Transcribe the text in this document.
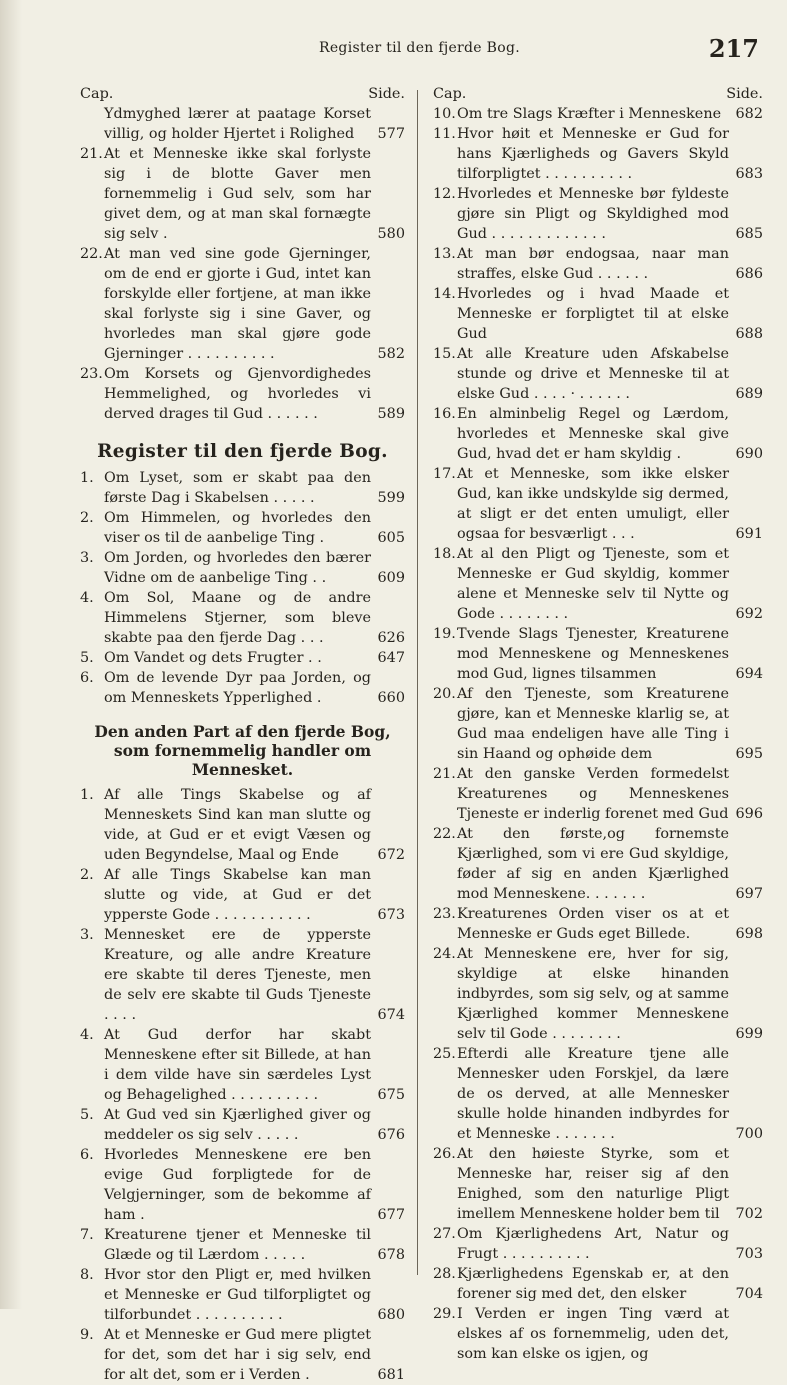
Register til den fjerde Bog.	217
Cap.	Side.
Ydmyghed lærer at paatage Korset villig, og holder Hjertet i Rolighed	577
21. At et Menneske ikke skal forlyste sig i de blotte Gaver men fornemmelig i Gud selv, som har givet dem, og at man skal fornægte sig selv .	580
22. At man ved sine gode Gjerninger, om de end er gjorte i Gud, intet kan forskylde eller fortjene, at man ikke skal forlyste sig i sine Gaver, og hvorledes man skal gjøre gode Gjerninger . . . . . . . . . .	582
23. Om Korsets og Gjenvordighedes Hemmelighed, og hvorledes vi derved drages til Gud . . . . . .	589
Register til den fjerde Bog.
1. Om Lyset, som er skabt paa den første Dag i Skabelsen . . . . .	599
2. Om Himmelen, og hvorledes den viser os til de aanbelige Ting .	605
3. Om Jorden, og hvorledes den bærer Vidne om de aanbelige Ting . .	609
4. Om Sol, Maane og de andre Himmelens Stjerner, som bleve skabte paa den fjerde Dag . . .	626
5. Om Vandet og dets Frugter . .	647
6. Om de levende Dyr paa Jorden, og om Menneskets Ypperlighed .	660
Den anden Part af den fjerde Bog, som fornemmelig handler om Mennesket.
1. Af alle Tings Skabelse og af Menneskets Sind kan man slutte og vide, at Gud er et evigt Væsen og uden Begyndelse, Maal og Ende	672
2. Af alle Tings Skabelse kan man slutte og vide, at Gud er det ypperste Gode . . . . . . . . . . .	673
3. Mennesket ere de ypperste Kreature, og alle andre Kreature ere skabte til deres Tjeneste, men de selv ere skabte til Guds Tjeneste . . . .	674
4. At Gud derfor har skabt Menneskene efter sit Billede, at han i dem vilde have sin særdeles Lyst og Behagelighed . . . . . . . . . .	675
5. At Gud ved sin Kjærlighed giver og meddeler os sig selv . . . . .	676
6. Hvorledes Menneskene ere ben evige Gud forpligtede for de Velgjerninger, som de bekomme af ham .	677
7. Kreaturene tjener et Menneske til Glæde og til Lærdom . . . . .	678
8. Hvor stor den Pligt er, med hvilken et Menneske er Gud tilforpligtet og tilforbundet . . . . . . . . . .	680
9. At et Menneske er Gud mere pligtet for det, som det har i sig selv, end for alt det, som er i Verden .	681
Cap.	Side.
10. Om tre Slags Kræfter i Menneskene	682
11. Hvor høit et Menneske er Gud for hans Kjærligheds og Gavers Skyld tilforpligtet . . . . . . . . . .	683
12. Hvorledes et Menneske bør fyldeste gjøre sin Pligt og Skyldighed mod Gud . . . . . . . . . . . . .	685
13. At man bør endogsaa, naar man straffes, elske Gud . . . . . .	686
14. Hvorledes og i hvad Maade et Menneske er forpligtet til at elske Gud	688
15. At alle Kreature uden Afskabelse stunde og drive et Menneske til at elske Gud . . . . · . . . . . .	689
16. En alminbelig Regel og Lærdom, hvorledes et Menneske skal give Gud, hvad det er ham skyldig .	690
17. At et Menneske, som ikke elsker Gud, kan ikke undskylde sig dermed, at sligt er det enten umuligt, eller ogsaa for besværligt . . .	691
18. At al den Pligt og Tjeneste, som et Menneske er Gud skyldig, kommer alene et Menneske selv til Nytte og Gode . . . . . . . .	692
19. Tvende Slags Tjenester, Kreaturene mod Menneskene og Menneskenes mod Gud, lignes tilsammen	694
20. Af den Tjeneste, som Kreaturene gjøre, kan et Menneske klarlig se, at Gud maa endeligen have alle Ting i sin Haand og ophøide dem	695
21. At den ganske Verden formedelst Kreaturenes og Menneskenes Tjeneste er inderlig forenet med Gud 696
22. At den første,og fornemste Kjærlighed, som vi ere Gud skyldige, føder af sig en anden Kjærlighed mod Menneskene. . . . . . .	697
23. Kreaturenes Orden viser os at et Menneske er Guds eget Billede.	698
24. At Menneskene ere, hver for sig, skyldige at elske hinanden indbyrdes, som sig selv, og at samme Kjærlighed kommer Menneskene selv til Gode . . . . . . . .	699
25. Efterdi alle Kreature tjene alle Mennesker uden Forskjel, da lære de os derved, at alle Mennesker skulle holde hinanden indbyrdes for et Menneske . . . . . . .	700
26. At den høieste Styrke, som et Menneske har, reiser sig af den Enighed, som den naturlige Pligt imellem Menneskene holder bem til	702
27. Om Kjærlighedens Art, Natur og Frugt . . . . . . . . . .	703
28. Kjærlighedens Egenskab er, at den forener sig med det, den elsker	704
29. I Verden er ingen Ting værd at elskes af os fornemmelig, uden det, som kan elske os igjen, og
